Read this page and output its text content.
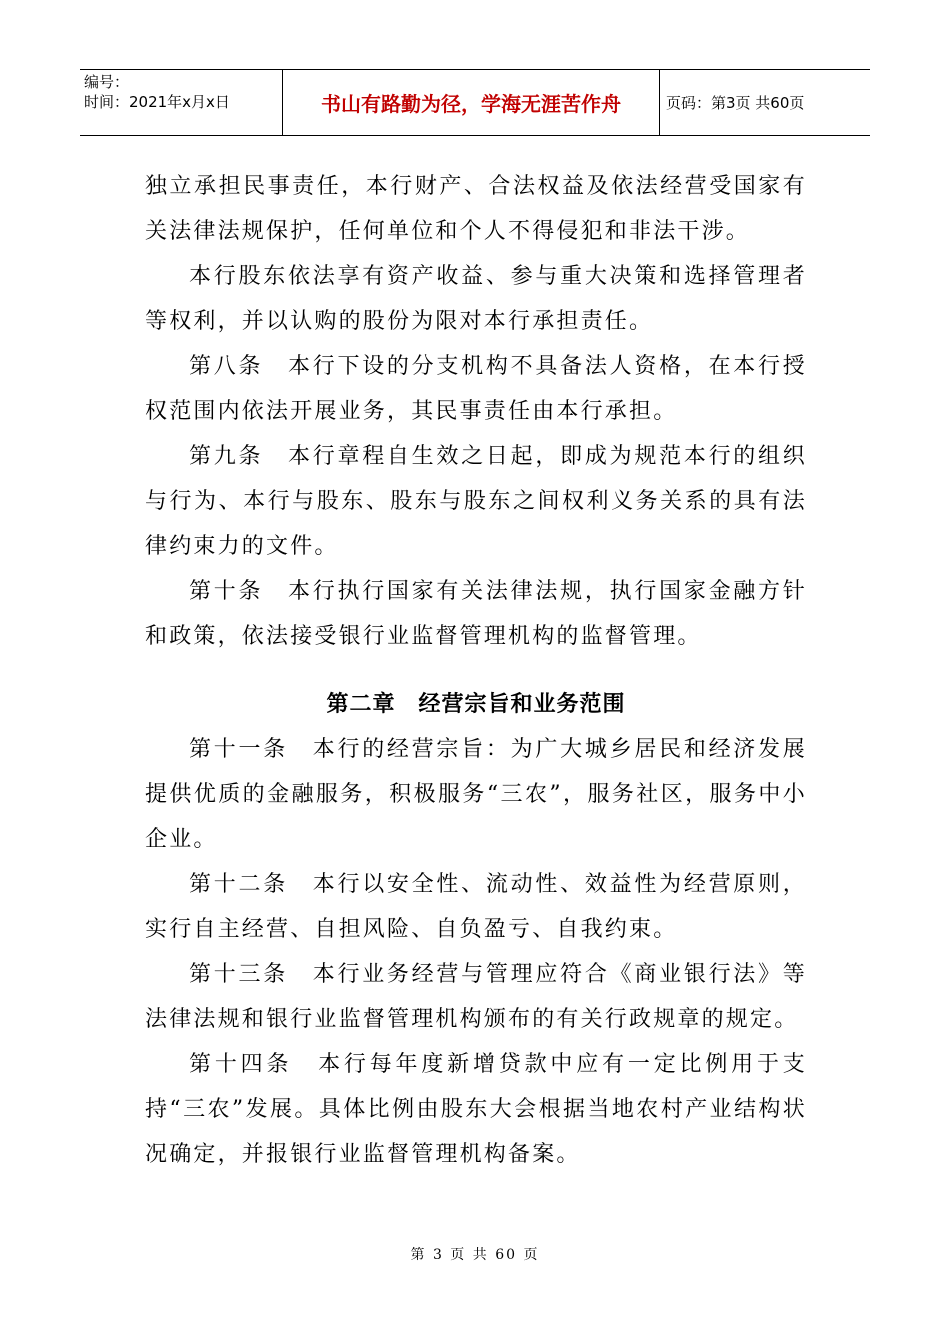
编号：
时间：2021年x月x日	书山有路勤为径，学海无涯苦作舟	页码：第3页 共60页

独立承担民事责任，本行财产、合法权益及依法经营受国家有关法律法规保护，任何单位和个人不得侵犯和非法干涉。

本行股东依法享有资产收益、参与重大决策和选择管理者等权利，并以认购的股份为限对本行承担责任。

第八条　本行下设的分支机构不具备法人资格，在本行授权范围内依法开展业务，其民事责任由本行承担。

第九条　本行章程自生效之日起，即成为规范本行的组织与行为、本行与股东、股东与股东之间权利义务关系的具有法律约束力的文件。

第十条　本行执行国家有关法律法规，执行国家金融方针和政策，依法接受银行业监督管理机构的监督管理。

第二章　经营宗旨和业务范围

第十一条　本行的经营宗旨：为广大城乡居民和经济发展提供优质的金融服务，积极服务“三农”，服务社区，服务中小企业。

第十二条　本行以安全性、流动性、效益性为经营原则，实行自主经营、自担风险、自负盈亏、自我约束。

第十三条　本行业务经营与管理应符合《商业银行法》等法律法规和银行业监督管理机构颁布的有关行政规章的规定。

第十四条　本行每年度新增贷款中应有一定比例用于支持“三农”发展。具体比例由股东大会根据当地农村产业结构状况确定，并报银行业监督管理机构备案。

第 3 页 共 60 页
